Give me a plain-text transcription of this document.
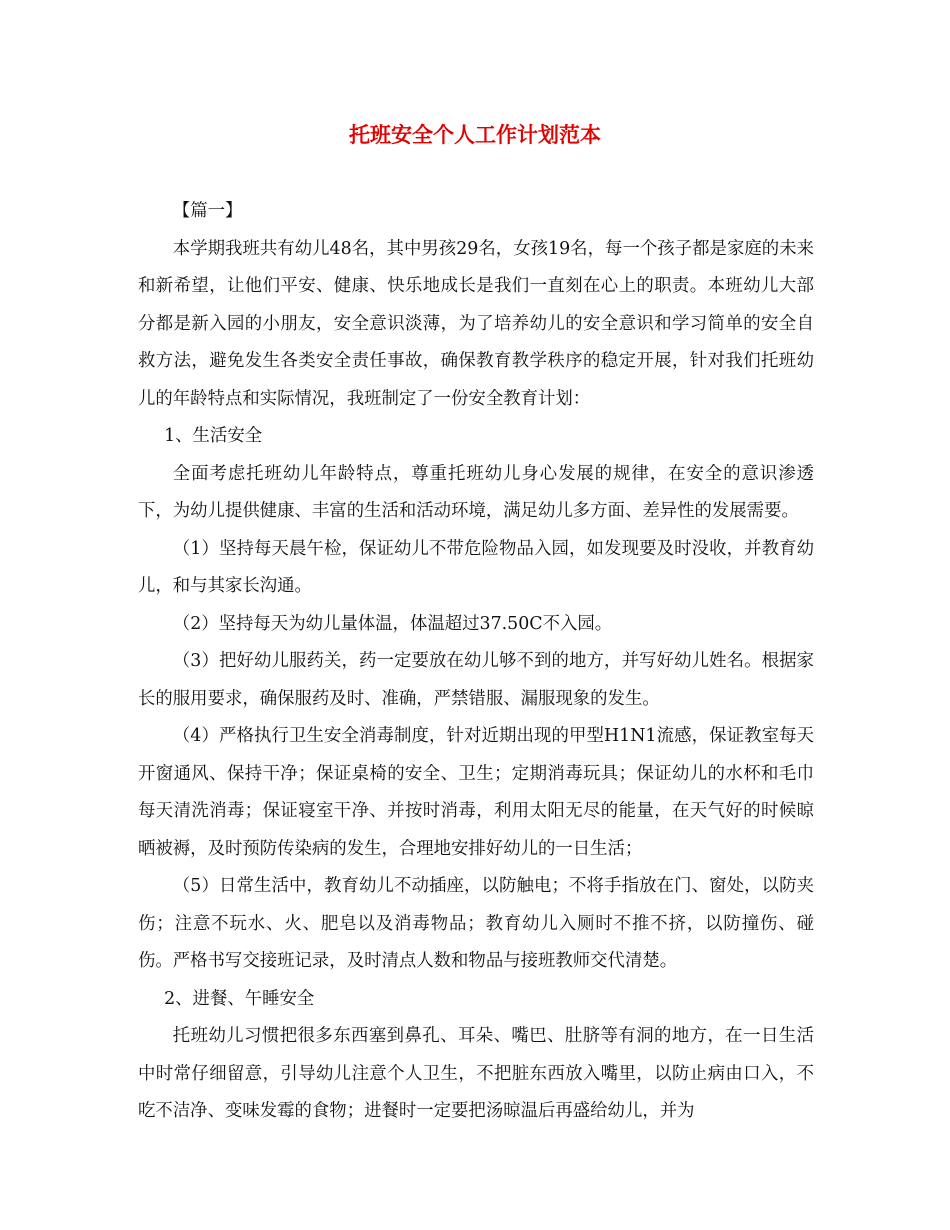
托班安全个人工作计划范本

【篇一】

本学期我班共有幼儿48名，其中男孩29名，女孩19名，每一个孩子都是家庭的未来和新希望，让他们平安、健康、快乐地成长是我们一直刻在心上的职责。本班幼儿大部分都是新入园的小朋友，安全意识淡薄，为了培养幼儿的安全意识和学习简单的安全自救方法，避免发生各类安全责任事故，确保教育教学秩序的稳定开展，针对我们托班幼儿的年龄特点和实际情况，我班制定了一份安全教育计划：

1、生活安全

全面考虑托班幼儿年龄特点，尊重托班幼儿身心发展的规律，在安全的意识渗透下，为幼儿提供健康、丰富的生活和活动环境，满足幼儿多方面、差异性的发展需要。

（1）坚持每天晨午检，保证幼儿不带危险物品入园，如发现要及时没收，并教育幼儿，和与其家长沟通。

（2）坚持每天为幼儿量体温，体温超过37.50C不入园。

（3）把好幼儿服药关，药一定要放在幼儿够不到的地方，并写好幼儿姓名。根据家长的服用要求，确保服药及时、准确，严禁错服、漏服现象的发生。

（4）严格执行卫生安全消毒制度，针对近期出现的甲型H1N1流感，保证教室每天开窗通风、保持干净；保证桌椅的安全、卫生；定期消毒玩具；保证幼儿的水杯和毛巾每天清洗消毒；保证寝室干净、并按时消毒，利用太阳无尽的能量，在天气好的时候晾晒被褥，及时预防传染病的发生，合理地安排好幼儿的一日生活；

（5）日常生活中，教育幼儿不动插座，以防触电；不将手指放在门、窗处，以防夹伤；注意不玩水、火、肥皂以及消毒物品；教育幼儿入厕时不推不挤，以防撞伤、碰伤。严格书写交接班记录，及时清点人数和物品与接班教师交代清楚。

2、进餐、午睡安全

托班幼儿习惯把很多东西塞到鼻孔、耳朵、嘴巴、肚脐等有洞的地方，在一日生活中时常仔细留意，引导幼儿注意个人卫生，不把脏东西放入嘴里，以防止病由口入，不吃不洁净、变味发霉的食物；进餐时一定要把汤晾温后再盛给幼儿，并为
